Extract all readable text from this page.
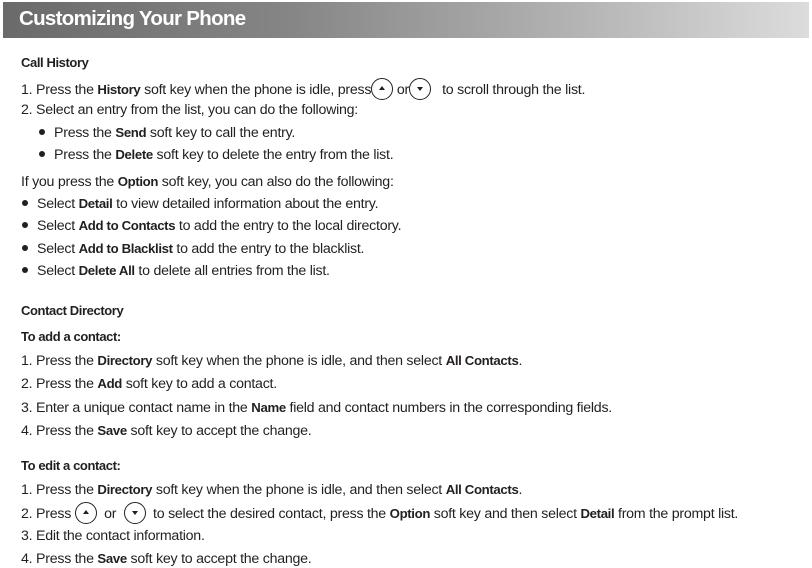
Customizing Your Phone
Call History
1. Press the History soft key when the phone is idle, press or   to scroll through the list.
2. Select an entry from the list, you can do the following:
Press the Send soft key to call the entry.
Press the Delete soft key to delete the entry from the list.
If you press the Option soft key, you can also do the following:
Select Detail to view detailed information about the entry.
Select Add to Contacts to add the entry to the local directory.
Select Add to Blacklist to add the entry to the blacklist.
Select Delete All to delete all entries from the list.
Contact Directory
To add a contact:
1. Press the Directory soft key when the phone is idle, and then select All Contacts.
2. Press the Add soft key to add a contact.
3. Enter a unique contact name in the Name field and contact numbers in the corresponding fields.
4. Press the Save soft key to accept the change.
To edit a contact:
1. Press the Directory soft key when the phone is idle, and then select All Contacts.
2. Press   or    to select the desired contact, press the Option soft key and then select Detail from the prompt list.
3. Edit the contact information.
4. Press the Save soft key to accept the change.
